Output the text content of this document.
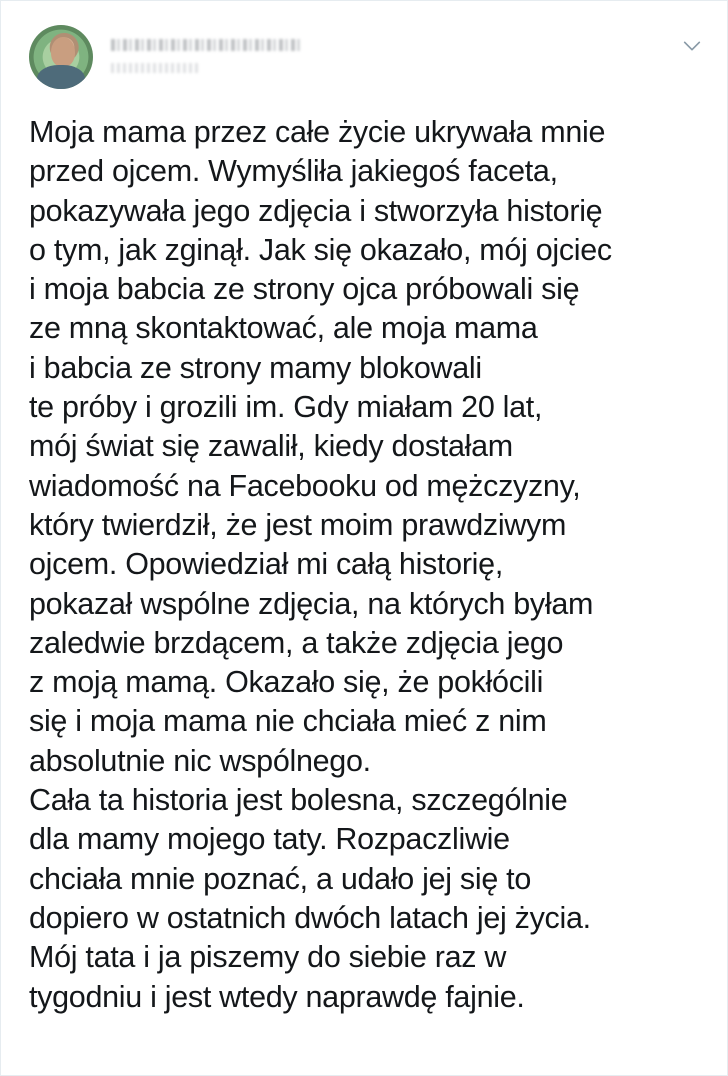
Moja mama przez całe życie ukrywała mnie
przed ojcem. Wymyśliła jakiegoś faceta,
pokazywała jego zdjęcia i stworzyła historię
o tym, jak zginął. Jak się okazało, mój ojciec
i moja babcia ze strony ojca próbowali się
ze mną skontaktować, ale moja mama
i babcia ze strony mamy blokowali
te próby i grozili im. Gdy miałam 20 lat,
mój świat się zawalił, kiedy dostałam
wiadomość na Facebooku od mężczyzny,
który twierdził, że jest moim prawdziwym
ojcem. Opowiedział mi całą historię,
pokazał wspólne zdjęcia, na których byłam
zaledwie brzdącem, a także zdjęcia jego
z moją mamą. Okazało się, że pokłócili
się i moja mama nie chciała mieć z nim
absolutnie nic wspólnego.
Cała ta historia jest bolesna, szczególnie
dla mamy mojego taty. Rozpaczliwie
chciała mnie poznać, a udało jej się to
dopiero w ostatnich dwóch latach jej życia.
Mój tata i ja piszemy do siebie raz w
tygodniu i jest wtedy naprawdę fajnie.
